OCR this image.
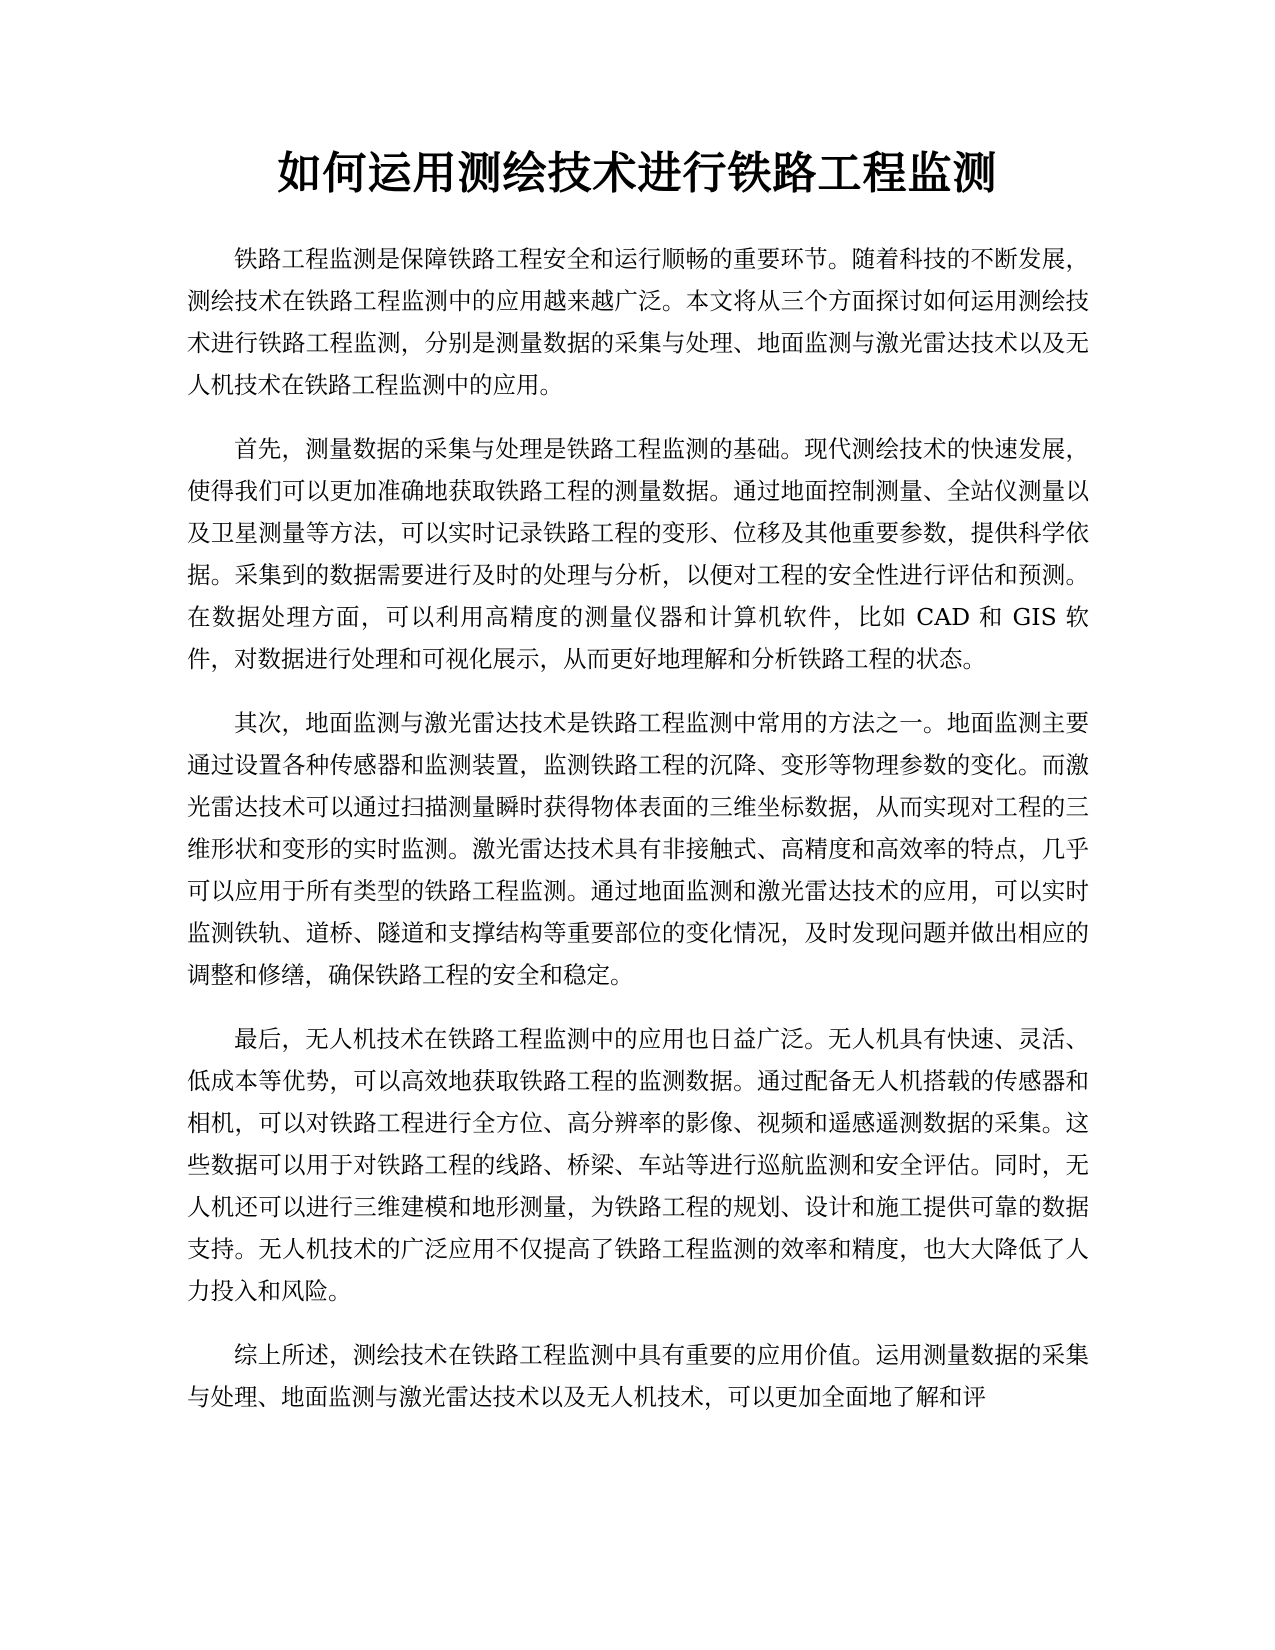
如何运用测绘技术进行铁路工程监测

铁路工程监测是保障铁路工程安全和运行顺畅的重要环节。随着科技的不断发展，测绘技术在铁路工程监测中的应用越来越广泛。本文将从三个方面探讨如何运用测绘技术进行铁路工程监测，分别是测量数据的采集与处理、地面监测与激光雷达技术以及无人机技术在铁路工程监测中的应用。

首先，测量数据的采集与处理是铁路工程监测的基础。现代测绘技术的快速发展，使得我们可以更加准确地获取铁路工程的测量数据。通过地面控制测量、全站仪测量以及卫星测量等方法，可以实时记录铁路工程的变形、位移及其他重要参数，提供科学依据。采集到的数据需要进行及时的处理与分析，以便对工程的安全性进行评估和预测。在数据处理方面，可以利用高精度的测量仪器和计算机软件，比如 CAD 和 GIS 软件，对数据进行处理和可视化展示，从而更好地理解和分析铁路工程的状态。

其次，地面监测与激光雷达技术是铁路工程监测中常用的方法之一。地面监测主要通过设置各种传感器和监测装置，监测铁路工程的沉降、变形等物理参数的变化。而激光雷达技术可以通过扫描测量瞬时获得物体表面的三维坐标数据，从而实现对工程的三维形状和变形的实时监测。激光雷达技术具有非接触式、高精度和高效率的特点，几乎可以应用于所有类型的铁路工程监测。通过地面监测和激光雷达技术的应用，可以实时监测铁轨、道桥、隧道和支撑结构等重要部位的变化情况，及时发现问题并做出相应的调整和修缮，确保铁路工程的安全和稳定。

最后，无人机技术在铁路工程监测中的应用也日益广泛。无人机具有快速、灵活、低成本等优势，可以高效地获取铁路工程的监测数据。通过配备无人机搭载的传感器和相机，可以对铁路工程进行全方位、高分辨率的影像、视频和遥感遥测数据的采集。这些数据可以用于对铁路工程的线路、桥梁、车站等进行巡航监测和安全评估。同时，无人机还可以进行三维建模和地形测量，为铁路工程的规划、设计和施工提供可靠的数据支持。无人机技术的广泛应用不仅提高了铁路工程监测的效率和精度，也大大降低了人力投入和风险。

综上所述，测绘技术在铁路工程监测中具有重要的应用价值。运用测量数据的采集与处理、地面监测与激光雷达技术以及无人机技术，可以更加全面地了解和评
